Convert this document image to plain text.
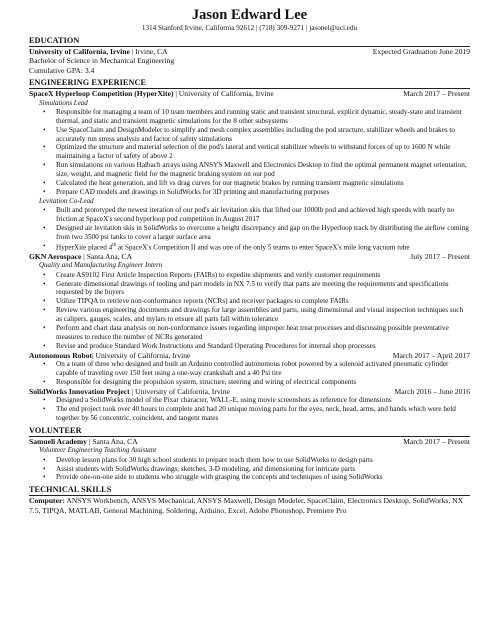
Jason Edward Lee
1314 Stanford Irvine, California 92612 | (718) 309-9271 | jasonel@uci.edu
EDUCATION
University of California, Irvine | Irvine, CA	Expected Graduation June 2019
Bachelor of Science in Mechanical Engineering
Cumulative GPA: 3.4
ENGINEERING EXPERIENCE
SpaceX Hyperloop Competition (HyperXite) | University of California, Irvine	March 2017 – Present
Simulations Lead
• Responsible for managing a team of 10 team members and running static and transient structural, explicit dynamic, steady-state and transient thermal, and static and transient magnetic simulations for the 8 other subsystems
• Use SpaceClaim and DesignModeler to simplify and mesh complex assemblies including the pod structure, stabilizer wheels and brakes to accurately run stress analysis and factor of safety simulations
• Optimized the structure and material selection of the pod's lateral and vertical stabilizer wheels to withstand forces of up to 1600 N while maintaining a factor of safety of above 2
• Run simulations on various Halbach arrays using ANSYS Maxwell and Electronics Desktop to find the optimal permanent magnet orientation, size, weight, and magnetic field for the magnetic braking system on our pod
• Calculated the heat generation, and lift vs drag curves for our magnetic brakes by running transient magnetic simulations
• Prepare CAD models and drawings in SolidWorks for 3D printing and manufacturing purposes
Levitation Co-Lead
• Built and prototyped the newest iteration of our pod's air levitation skis that lifted our 1000lb pod and achieved high speeds with nearly no friction at SpaceX's second hyperloop pod competition in August 2017
• Designed air levitation skis in SolidWorks to overcome a height discrepancy and gap on the Hyperloop track by distributing the airflow coming from two 3500 psi tanks to cover a larger surface area
• HyperXite placed 4th at SpaceX's Competition II and was one of the only 5 teams to enter SpaceX's mile long vacuum tube
GKN Aerospace | Santa Ana, CA	July 2017 – Present
Quality and Manufacturing Engineer Intern
• Create AS9102 First Article Inspection Reports (FAIRs) to expedite shipments and verify customer requirements
• Generate dimensional drawings of tooling and part models in NX 7.5 to verify that parts are meeting the requirements and specifications requested by the buyers
• Utilize TIPQA to retrieve non-conformance reports (NCRs) and receiver packages to complete FAIRs
• Review various engineering documents and drawings for large assemblies and parts, using dimensional and visual inspection techniques such as calipers, gauges, scales, and mylars to ensure all parts fall within tolerance
• Perform and chart data analysis on non-conformance issues regarding improper heat treat processes and discussing possible preventative measures to reduce the number of NCRs generated
• Revise and produce Standard Work Instructions and Standard Operating Procedures for internal shop processes
Autonomous Robot| University of California, Irvine	March 2017 – April 2017
• On a team of three who designed and built an Arduino controlled autonomous robot powered by a solenoid activated pneumatic cylinder capable of traveling over 150 feet using a one-way crankshaft and a 40 Psi tire
• Responsible for designing the propulsion system, structure, steering and wiring of electrical components
SolidWorks Innovation Project | University of California, Irvine	March 2016 – June 2016
• Designed a SolidWorks model of the Pixar character, WALL-E, using movie screenshots as reference for dimensions
• The end project took over 40 hours to complete and had 20 unique moving parts for the eyes, neck, head, arms, and hands which were held together by 56 concentric, coincident, and tangent mates
VOLUNTEER
Samueli Academy | Santa Ana, CA	March 2017 – Present
Volunteer Engineering Teaching Assistant
• Develop lesson plans for 30 high school students to prepare teach them how to use SolidWorks to design parts
• Assist students with SolidWorks drawings, sketches, 3-D modeling, and dimensioning for intricate parts
• Provide one-on-one aide to students who struggle with grasping the concepts and techniques of using SolidWorks
TECHNICAL SKILLS
Computer: ANSYS Workbench, ANSYS Mechanical, ANSYS Maxwell, Design Modeler, SpaceClaim, Electronics Desktop, SolidWorks, NX 7.5, TIPQA, MATLAB, General Machining, Soldering, Arduino, Excel, Adobe Photoshop, Premiere Pro
